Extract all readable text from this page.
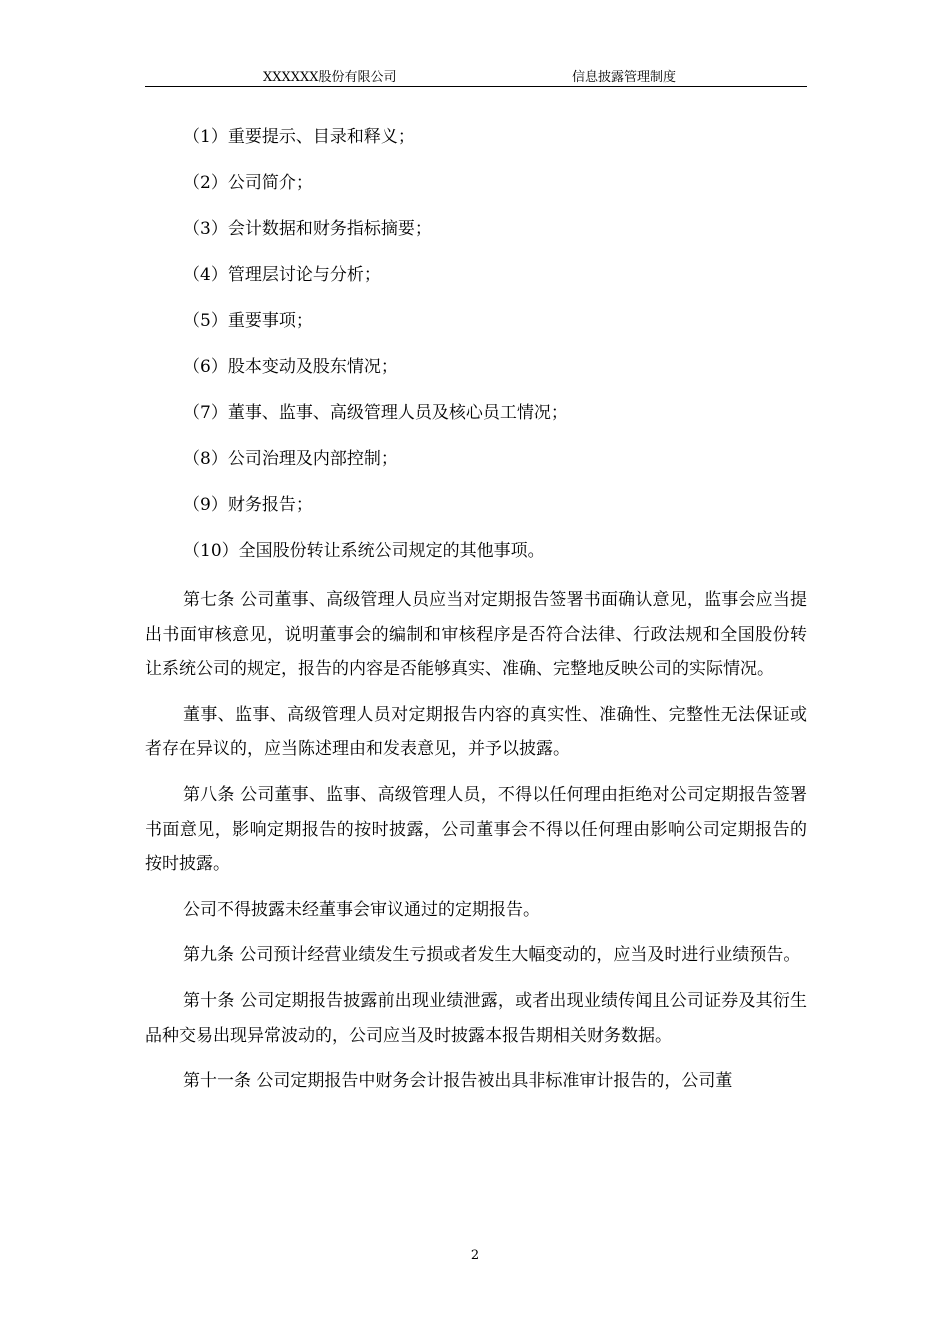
XXXXXX股份有限公司	信息披露管理制度
（1）重要提示、目录和释义；
（2）公司简介；
（3）会计数据和财务指标摘要；
（4）管理层讨论与分析；
（5）重要事项；
（6）股本变动及股东情况；
（7）董事、监事、高级管理人员及核心员工情况；
（8）公司治理及内部控制；
（9）财务报告；
（10）全国股份转让系统公司规定的其他事项。

第七条 公司董事、高级管理人员应当对定期报告签署书面确认意见，监事会应当提出书面审核意见，说明董事会的编制和审核程序是否符合法律、行政法规和全国股份转让系统公司的规定，报告的内容是否能够真实、准确、完整地反映公司的实际情况。

董事、监事、高级管理人员对定期报告内容的真实性、准确性、完整性无法保证或者存在异议的，应当陈述理由和发表意见，并予以披露。

第八条 公司董事、监事、高级管理人员，不得以任何理由拒绝对公司定期报告签署书面意见，影响定期报告的按时披露，公司董事会不得以任何理由影响公司定期报告的按时披露。

公司不得披露未经董事会审议通过的定期报告。

第九条 公司预计经营业绩发生亏损或者发生大幅变动的，应当及时进行业绩预告。

第十条 公司定期报告披露前出现业绩泄露，或者出现业绩传闻且公司证券及其衍生品种交易出现异常波动的，公司应当及时披露本报告期相关财务数据。

第十一条 公司定期报告中财务会计报告被出具非标准审计报告的，公司董

2
